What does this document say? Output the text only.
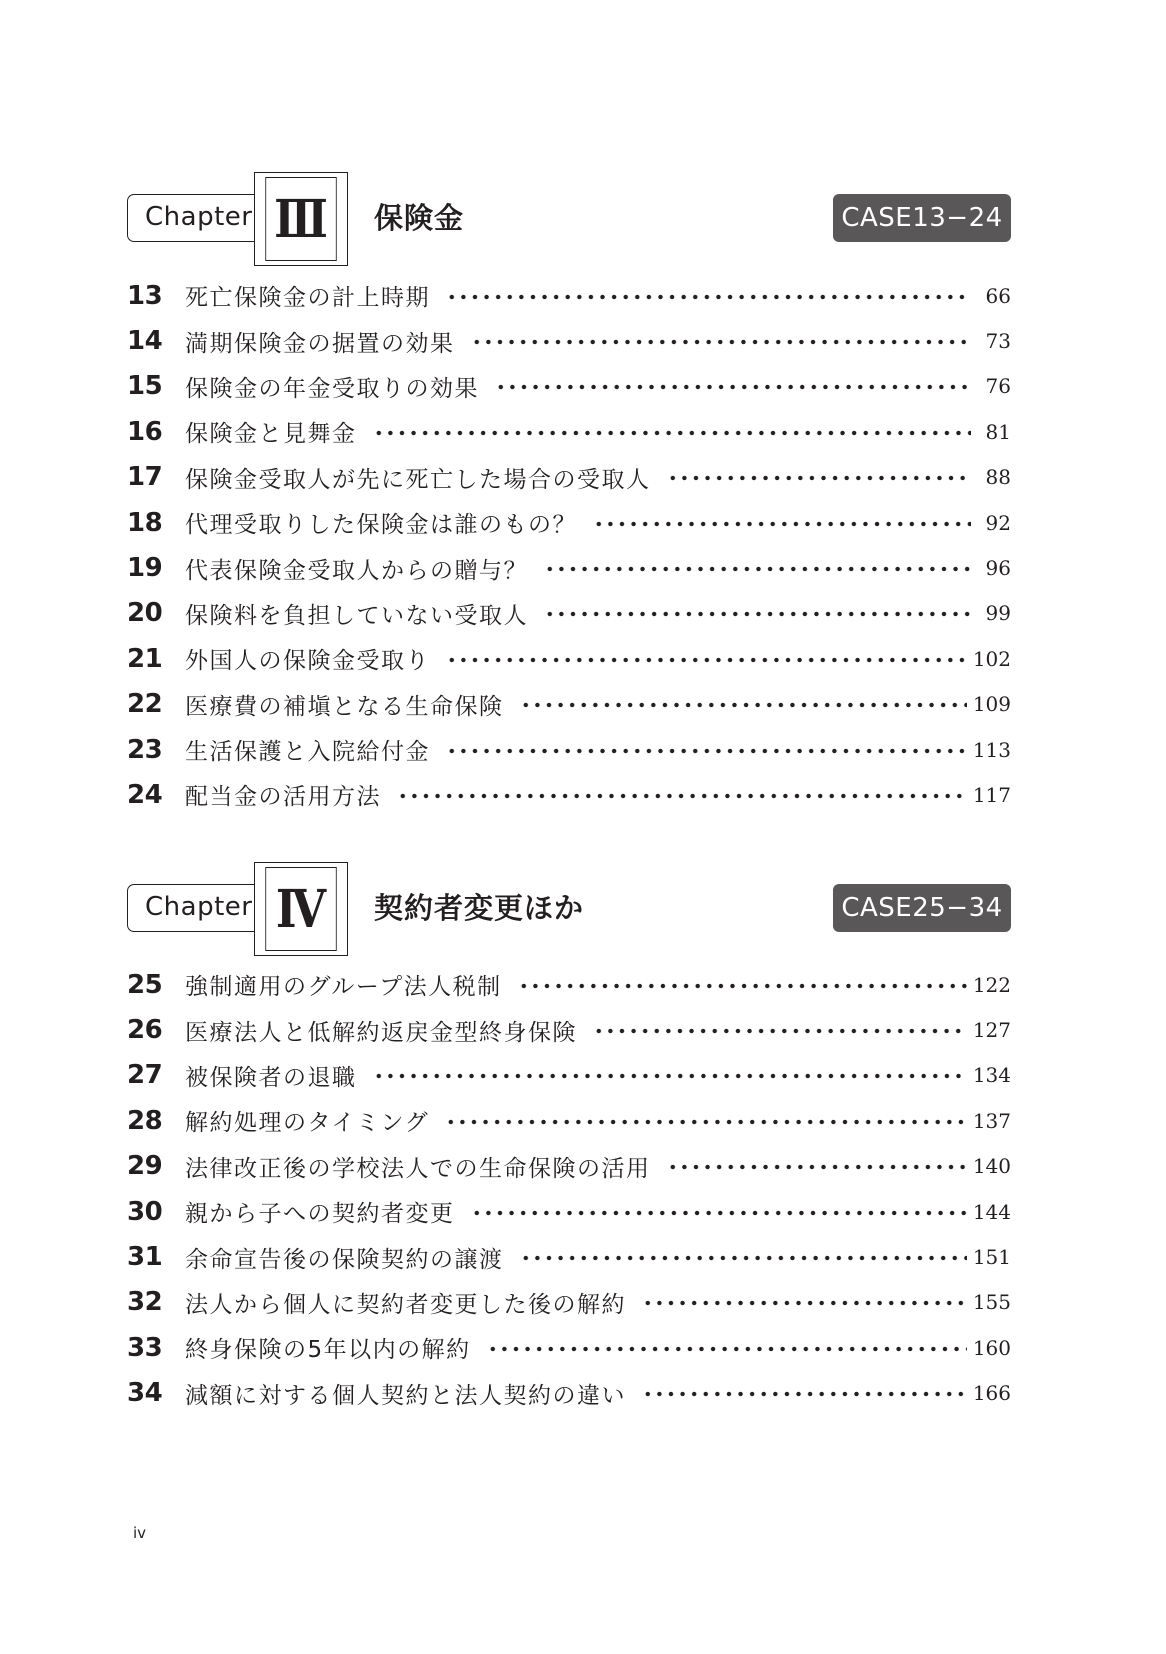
Chapter Ⅲ	保険金	CASE13−24
13 死亡保険金の計上時期	66
14 満期保険金の据置の効果	73
15 保険金の年金受取りの効果	76
16 保険金と見舞金	81
17 保険金受取人が先に死亡した場合の受取人	88
18 代理受取りした保険金は誰のもの？	92
19 代表保険金受取人からの贈与？	96
20 保険料を負担していない受取人	99
21 外国人の保険金受取り	102
22 医療費の補塡となる生命保険	109
23 生活保護と入院給付金	113
24 配当金の活用方法	117
Chapter Ⅳ	契約者変更ほか	CASE25−34
25 強制適用のグループ法人税制	122
26 医療法人と低解約返戻金型終身保険	127
27 被保険者の退職	134
28 解約処理のタイミング	137
29 法律改正後の学校法人での生命保険の活用	140
30 親から子への契約者変更	144
31 余命宣告後の保険契約の譲渡	151
32 法人から個人に契約者変更した後の解約	155
33 終身保険の5年以内の解約	160
34 減額に対する個人契約と法人契約の違い	166
iv
